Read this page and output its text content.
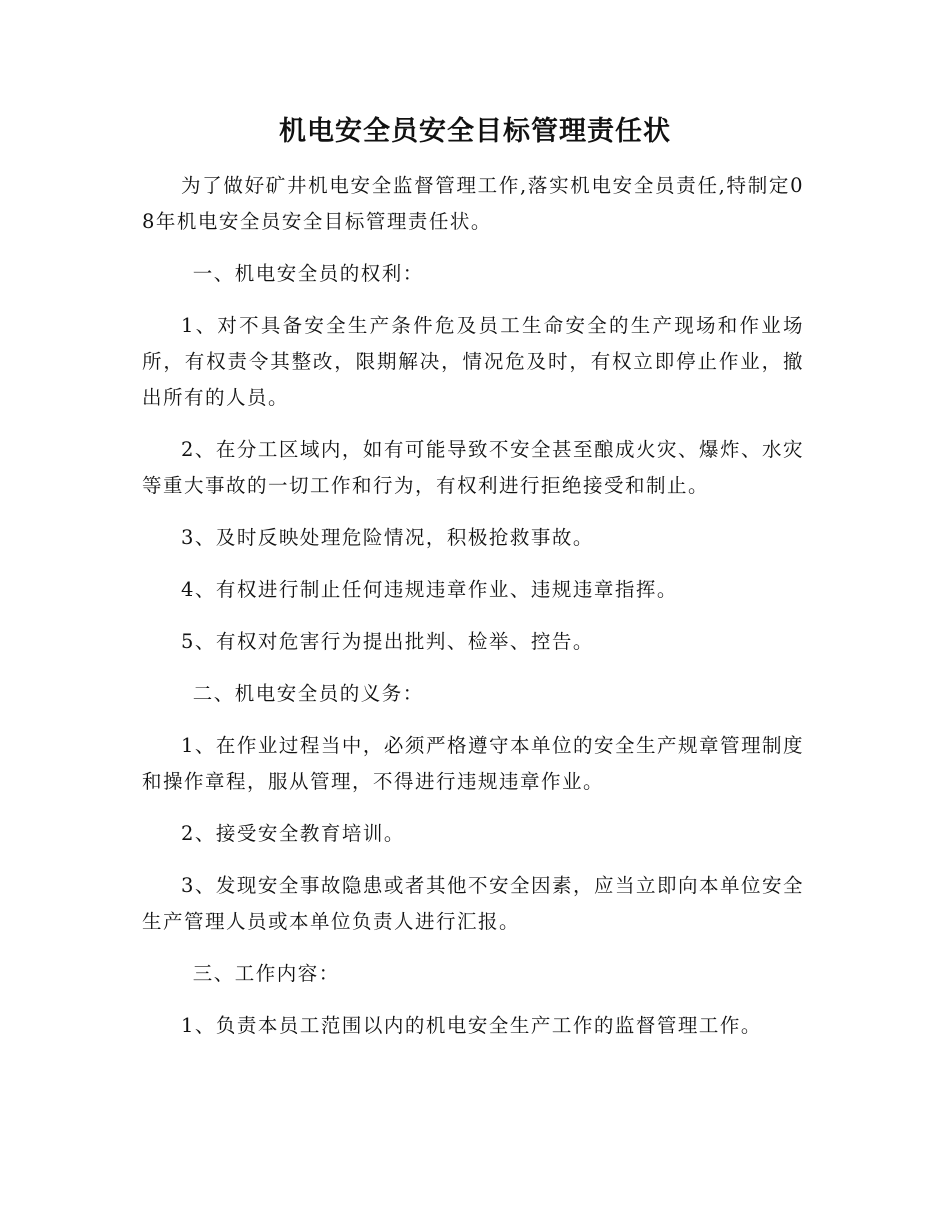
机电安全员安全目标管理责任状

为了做好矿井机电安全监督管理工作,落实机电安全员责任,特制定08年机电安全员安全目标管理责任状。

一、机电安全员的权利：

1、对不具备安全生产条件危及员工生命安全的生产现场和作业场所，有权责令其整改，限期解决，情况危及时，有权立即停止作业，撤出所有的人员。

2、在分工区域内，如有可能导致不安全甚至酿成火灾、爆炸、水灾等重大事故的一切工作和行为，有权利进行拒绝接受和制止。

3、及时反映处理危险情况，积极抢救事故。

4、有权进行制止任何违规违章作业、违规违章指挥。

5、有权对危害行为提出批判、检举、控告。

二、机电安全员的义务：

1、在作业过程当中，必须严格遵守本单位的安全生产规章管理制度和操作章程，服从管理，不得进行违规违章作业。

2、接受安全教育培训。

3、发现安全事故隐患或者其他不安全因素，应当立即向本单位安全生产管理人员或本单位负责人进行汇报。

三、工作内容：

1、负责本员工范围以内的机电安全生产工作的监督管理工作。
